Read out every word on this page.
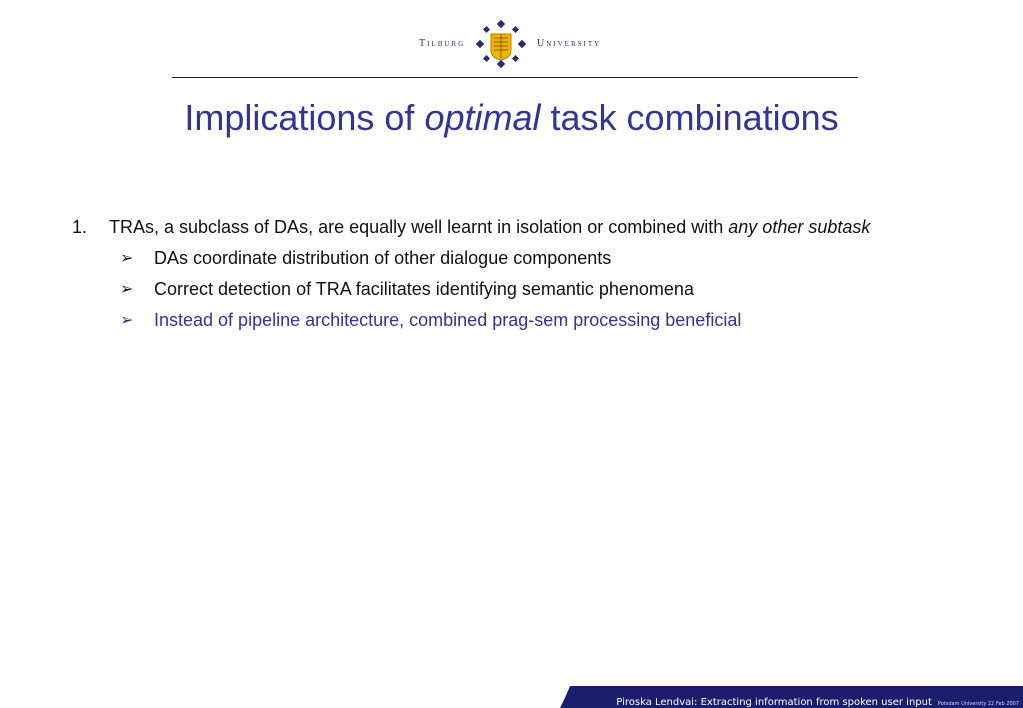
Tilburg	University
Implications of optimal task combinations
1. TRAs, a subclass of DAs, are equally well learnt in isolation or combined with any other subtask
➢ DAs coordinate distribution of other dialogue components
➢ Correct detection of TRA facilitates identifying semantic phenomena
➢ Instead of pipeline architecture, combined prag-sem processing beneficial
Piroska Lendvai: Extracting information from spoken user input Potsdam University 22 Feb 2007
